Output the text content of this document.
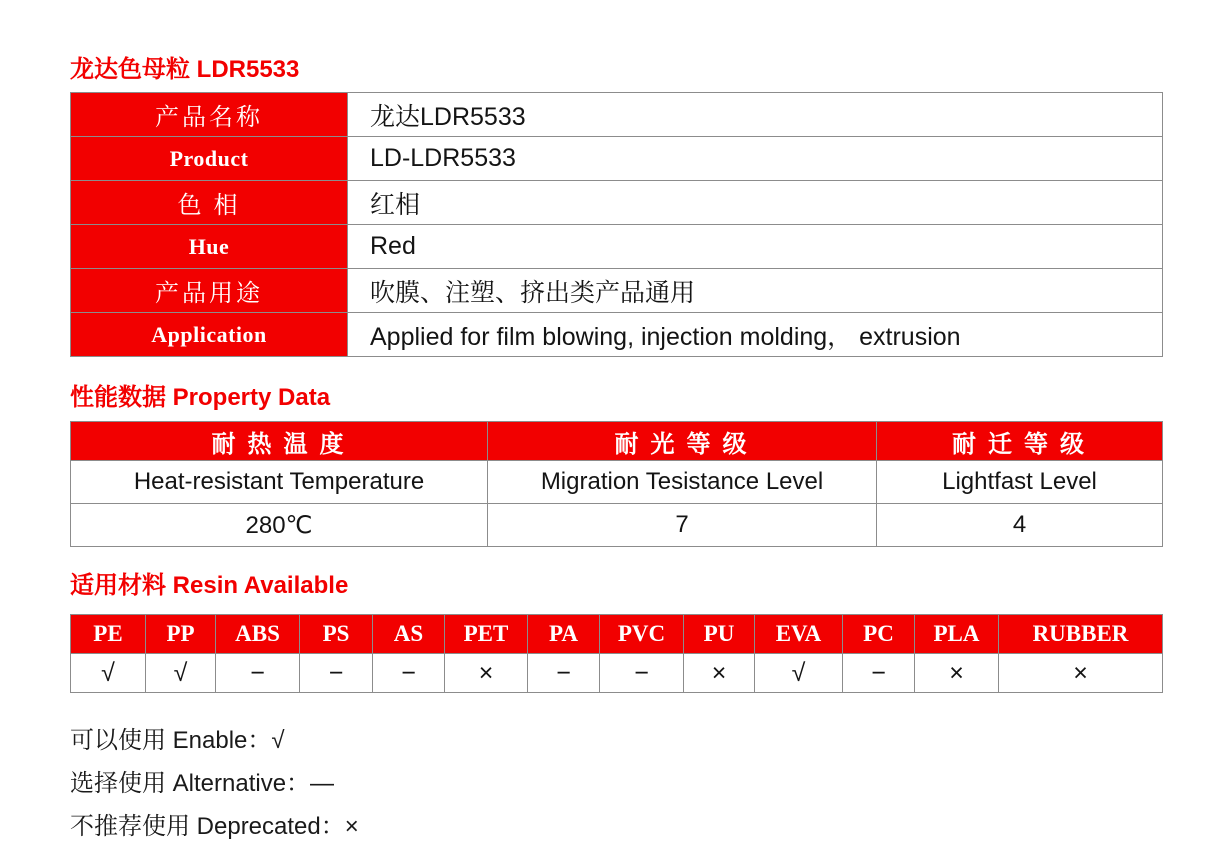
龙达色母粒 LDR5533
产品名称	龙达LDR5533
Product	LD-LDR5533
色 相	红相
Hue	Red
产品用途	吹膜、注塑、挤出类产品通用
Application	Applied for film blowing, injection molding， extrusion
性能数据 Property Data
耐 热 温 度	耐 光 等 级	耐 迁 等 级
Heat-resistant Temperature	Migration Tesistance Level	Lightfast Level
280℃	7	4
适用材料 Resin Available
PE	PP	ABS	PS	AS	PET	PA	PVC	PU	EVA	PC	PLA	RUBBER
√	√	−	−	−	×	−	−	×	√	−	×	×
可以使用 Enable：√
选择使用 Alternative：—
不推荐使用 Deprecated：×
